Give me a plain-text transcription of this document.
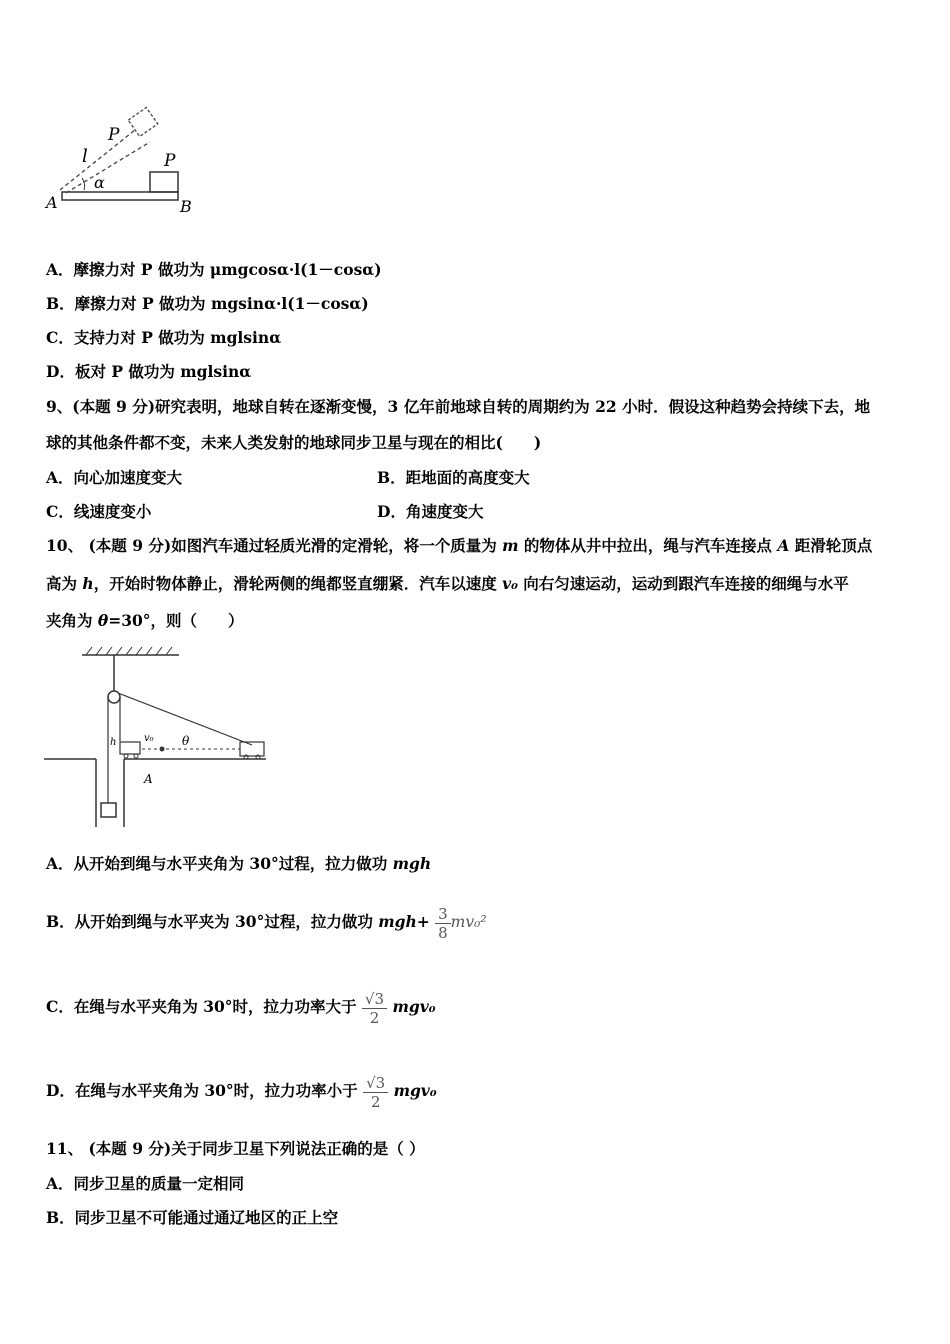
P
l	P
α
A	B
A．摩擦力对 P 做功为 μmgcosα·l(1－cosα)
B．摩擦力对 P 做功为 mgsinα·l(1－cosα)
C．支持力对 P 做功为 mglsinα
D．板对 P 做功为 mglsinα
9、(本题 9 分)研究表明，地球自转在逐渐变慢，3 亿年前地球自转的周期约为 22 小时．假设这种趋势会持续下去，地
球的其他条件都不变，未来人类发射的地球同步卫星与现在的相比(　　)
A．向心加速度变大	B．距地面的高度变大
C．线速度变小	D．角速度变大
10、 (本题 9 分)如图汽车通过轻质光滑的定滑轮，将一个质量为 m 的物体从井中拉出，绳与汽车连接点 A 距滑轮顶点
高为 h，开始时物体静止，滑轮两侧的绳都竖直绷紧．汽车以速度 v₀ 向右匀速运动，运动到跟汽车连接的细绳与水平
夹角为 θ=30°，则（　　）
h	v₀ θ
A
A．从开始到绳与水平夹角为 30°过程，拉力做功 mgh
B．从开始到绳与水平夹为 30°过程，拉力做功 $mgh+ \frac{3}{8} mv_0^2$
C．在绳与水平夹角为 30°时，拉力功率大于 $\frac{√3}{2} mgv_0$
D．在绳与水平夹角为 30°时，拉力功率小于 $\frac{√3}{2} mgv_0$
11、 (本题 9 分)关于同步卫星下列说法正确的是（ ）
A．同步卫星的质量一定相同
B．同步卫星不可能通过通辽地区的正上空
